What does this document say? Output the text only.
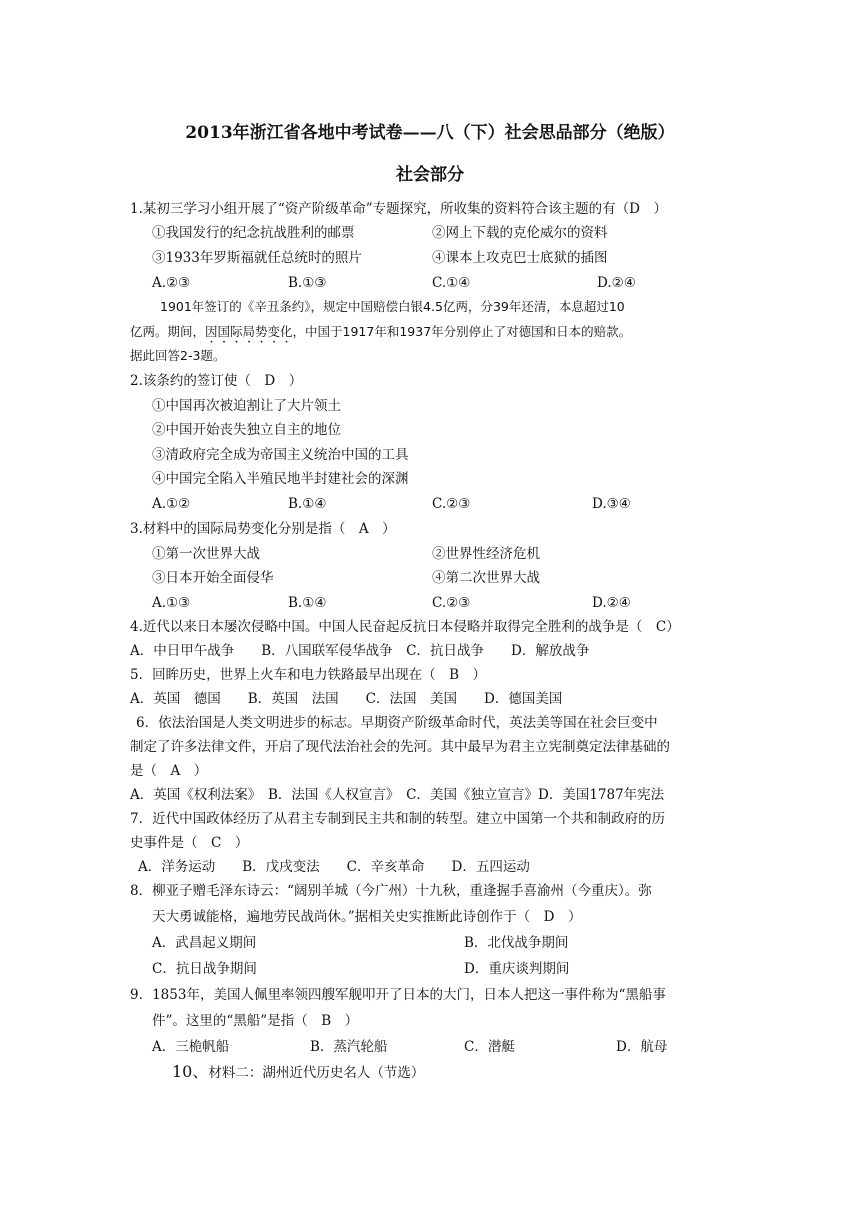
2013年浙江省各地中考试卷——八（下）社会思品部分（绝版）
社会部分
1.某初三学习小组开展了“资产阶级革命”专题探究，所收集的资料符合该主题的有（D　）
①我国发行的纪念抗战胜利的邮票	②网上下载的克伦威尔的资料
③1933年罗斯福就任总统时的照片	④课本上攻克巴士底狱的插图
A.②③	B.①③	C.①④	D.②④
1901年签订的《辛丑条约》，规定中国赔偿白银4.5亿两，分39年还清，本息超过10
亿两。期间，因国际局势变化，中国于1917年和1937年分别停止了对德国和日本的赔款。
据此回答2-3题。
2.该条约的签订使（　D　）
①中国再次被迫割让了大片领土
②中国开始丧失独立自主的地位
③清政府完全成为帝国主义统治中国的工具
④中国完全陷入半殖民地半封建社会的深渊
A.①②	B.①④	C.②③	D.③④
3.材料中的国际局势变化分别是指（　A　）
①第一次世界大战	②世界性经济危机
③日本开始全面侵华	④第二次世界大战
A.①③	B.①④	C.②③	D.②④
4.近代以来日本屡次侵略中国。中国人民奋起反抗日本侵略并取得完全胜利的战争是（　C）
A．中日甲午战争　　B．八国联军侵华战争　C．抗日战争　　D．解放战争
5．回眸历史，世界上火车和电力铁路最早出现在（　B　）
A．英国　德国　　B．英国　法国　　C．法国　美国　　D．德国美国
6．依法治国是人类文明进步的标志。早期资产阶级革命时代，英法美等国在社会巨变中
制定了许多法律文件，开启了现代法治社会的先河。其中最早为君主立宪制奠定法律基础的
是（　A　）
A．英国《权利法案》　B．法国《人权宣言》　C．美国《独立宣言》D．美国1787年宪法
7．近代中国政体经历了从君主专制到民主共和制的转型。建立中国第一个共和制政府的历
史事件是（　C　）
A．洋务运动　　B．戊戌变法　　C．辛亥革命　　D．五四运动
8．柳亚子赠毛泽东诗云：“阔别羊城（今广州）十九秋，重逢握手喜渝州（今重庆）。弥
天大勇诚能格，遍地劳民战尚休。”据相关史实推断此诗创作于（　D　）
A．武昌起义期间	B．北伐战争期间
C．抗日战争期间	D．重庆谈判期间
9．1853年，美国人佩里率领四艘军舰叩开了日本的大门，日本人把这一事件称为“黑船事
件”。这里的“黑船”是指（　B　）
A．三桅帆船	B．蒸汽轮船	C．潜艇	D．航母
10、材料二：湖州近代历史名人（节选）
